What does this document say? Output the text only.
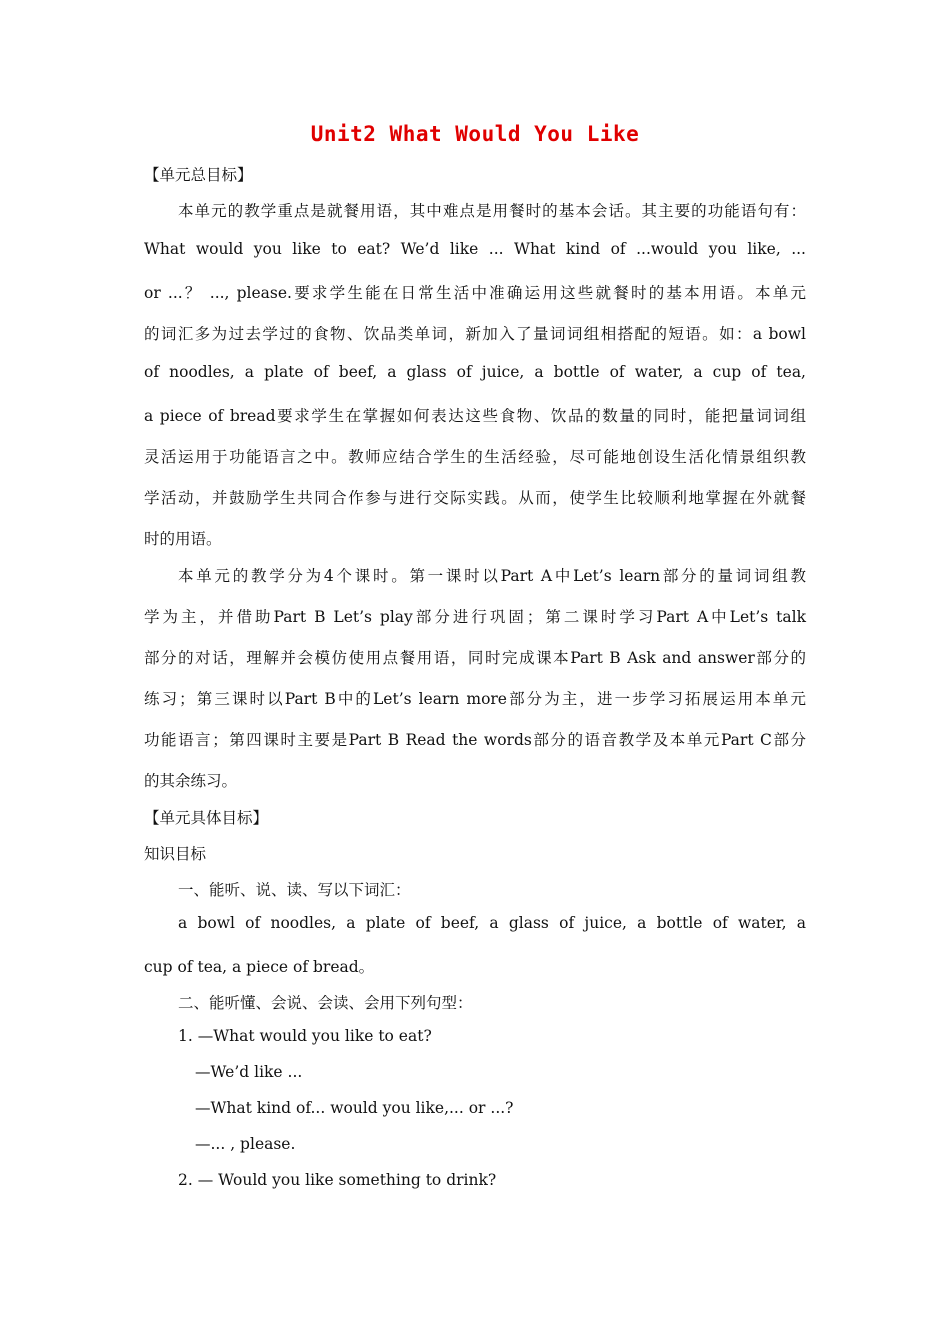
Unit2 What Would You Like
【单元总目标】
本单元的教学重点是就餐用语，其中难点是用餐时的基本会话。其主要的功能语句有：
What would you like to eat? We’d like ... What kind of ...would you like, ...
or ...？ ..., please.要求学生能在日常生活中准确运用这些就餐时的基本用语。本单元
的词汇多为过去学过的食物、饮品类单词，新加入了量词词组相搭配的短语。如：a bowl
of noodles, a plate of beef, a glass of juice, a bottle of water, a cup of tea,
a piece of bread要求学生在掌握如何表达这些食物、饮品的数量的同时，能把量词词组
灵活运用于功能语言之中。教师应结合学生的生活经验，尽可能地创设生活化情景组织教
学活动，并鼓励学生共同合作参与进行交际实践。从而，使学生比较顺利地掌握在外就餐
时的用语。
本单元的教学分为4个课时。第一课时以Part A中Let’s learn部分的量词词组教
学为主，并借助Part B Let’s play部分进行巩固；第二课时学习Part A中Let’s talk
部分的对话，理解并会模仿使用点餐用语，同时完成课本Part B Ask and answer部分的
练习；第三课时以Part B中的Let’s learn more部分为主，进一步学习拓展运用本单元
功能语言；第四课时主要是Part B Read the words部分的语音教学及本单元Part C部分
的其余练习。
【单元具体目标】
知识目标
一、能听、说、读、写以下词汇：
a bowl of noodles, a plate of beef, a glass of juice, a bottle of water, a
cup of tea, a piece of bread。
二、能听懂、会说、会读、会用下列句型：
1. —What would you like to eat?
—We’d like ...
—What kind of... would you like,... or ...?
—... , please.
2. — Would you like something to drink?
